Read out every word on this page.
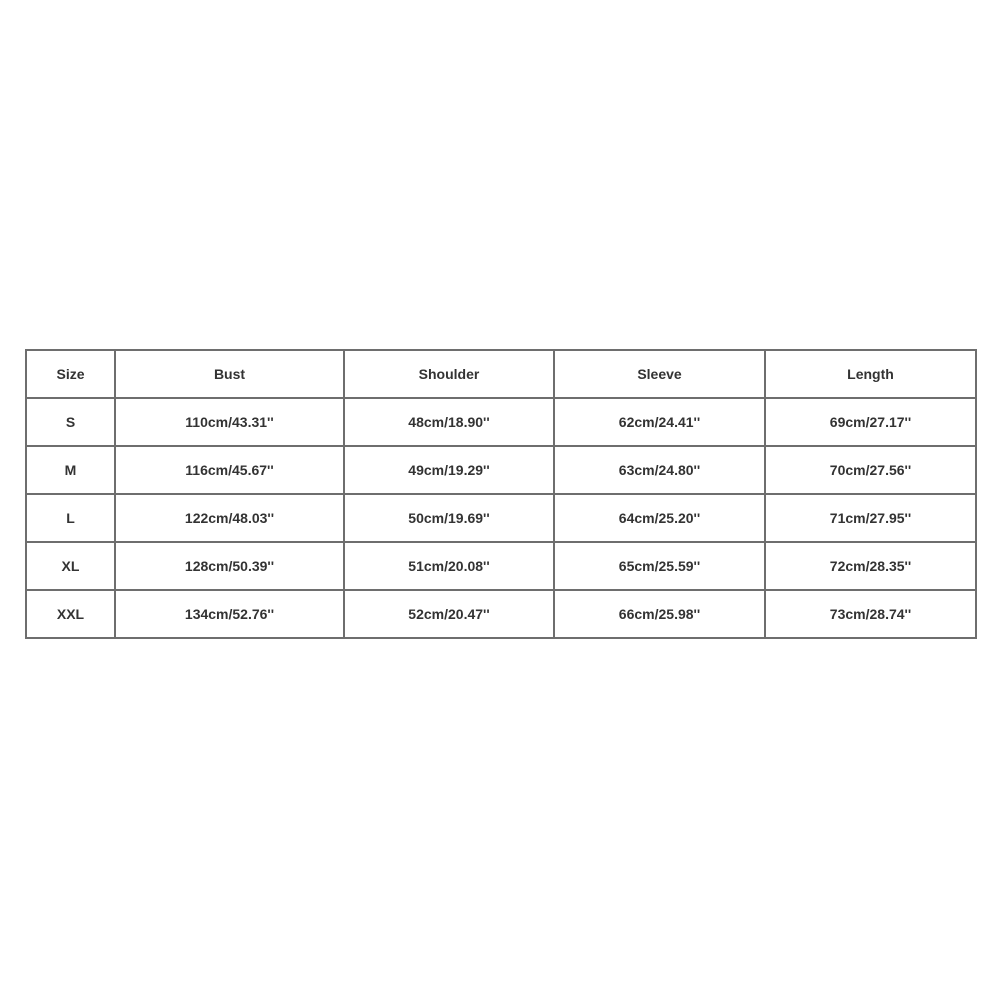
Size	Bust	Shoulder	Sleeve	Length
S	110cm/43.31''	48cm/18.90''	62cm/24.41''	69cm/27.17''
M	116cm/45.67''	49cm/19.29''	63cm/24.80''	70cm/27.56''
L	122cm/48.03''	50cm/19.69''	64cm/25.20''	71cm/27.95''
XL	128cm/50.39''	51cm/20.08''	65cm/25.59''	72cm/28.35''
XXL	134cm/52.76''	52cm/20.47''	66cm/25.98''	73cm/28.74''
